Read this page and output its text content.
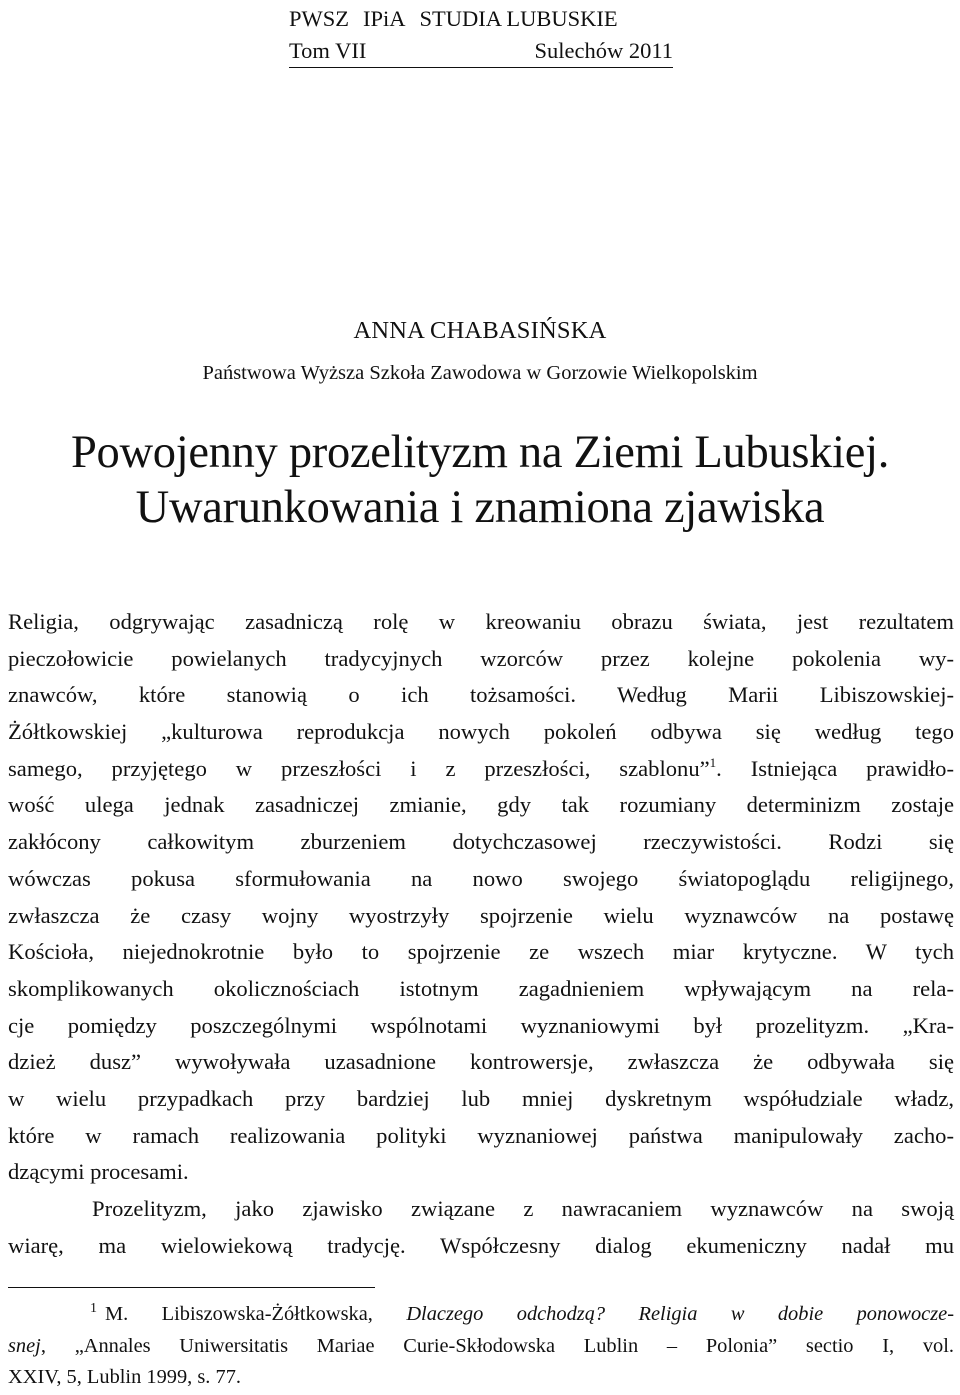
PWSZ IPiA STUDIA LUBUSKIE
Tom VII	Sulechów 2011
ANNA CHABASIŃSKA
Państwowa Wyższa Szkoła Zawodowa w Gorzowie Wielkopolskim
Powojenny prozelityzm na Ziemi Lubuskiej.
Uwarunkowania i znamiona zjawiska
Religia, odgrywając zasadniczą rolę w kreowaniu obrazu świata, jest rezultatem
pieczołowicie powielanych tradycyjnych wzorców przez kolejne pokolenia wy-
znawców, które stanowią o ich tożsamości. Według Marii Libiszowskiej-
Żółtkowskiej „kulturowa reprodukcja nowych pokoleń odbywa się według tego
samego, przyjętego w przeszłości i z przeszłości, szablonu”$^1$. Istniejąca prawidło-
wość ulega jednak zasadniczej zmianie, gdy tak rozumiany determinizm zostaje
zakłócony całkowitym zburzeniem dotychczasowej rzeczywistości. Rodzi się
wówczas pokusa sformułowania na nowo swojego światopoglądu religijnego,
zwłaszcza że czasy wojny wyostrzyły spojrzenie wielu wyznawców na postawę
Kościoła, niejednokrotnie było to spojrzenie ze wszech miar krytyczne. W tych
skomplikowanych okolicznościach istotnym zagadnieniem wpływającym na rela-
cje pomiędzy poszczególnymi wspólnotami wyznaniowymi był prozelityzm. „Kra-
dzież dusz” wywoływała uzasadnione kontrowersje, zwłaszcza że odbywała się
w wielu przypadkach przy bardziej lub mniej dyskretnym współudziale władz,
które w ramach realizowania polityki wyznaniowej państwa manipulowały zacho-
dzącymi procesami.
Prozelityzm, jako zjawisko związane z nawracaniem wyznawców na swoją
wiarę, ma wielowiekową tradycję. Współczesny dialog ekumeniczny nadał mu
$^1$ M. Libiszowska-Żółtkowska, Dlaczego odchodzą? Religia w dobie ponowocze-
snej, „Annales Uniwersitatis Mariae Curie-Skłodowska Lublin – Polonia” sectio I, vol.
XXIV, 5, Lublin 1999, s. 77.
